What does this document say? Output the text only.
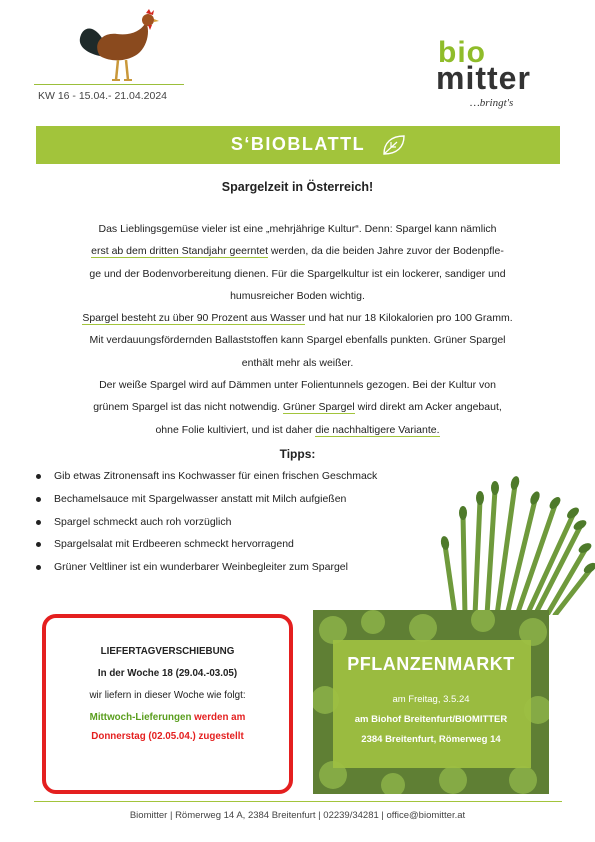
KW 16 - 15.04.- 21.04.2024
bio
mitter
…bringt's
S‘BIOBLATTL
Spargelzeit in Österreich!
Das Lieblingsgemüse vieler ist eine „mehrjährige Kultur“. Denn: Spargel kann nämlich
erst ab dem dritten Standjahr geerntet werden, da die beiden Jahre zuvor der Bodenpfle-
ge und der Bodenvorbereitung dienen. Für die Spargelkultur ist ein lockerer, sandiger und
humusreicher Boden wichtig.
Spargel besteht zu über 90 Prozent aus Wasser und hat nur 18 Kilokalorien pro 100 Gramm.
Mit verdauungsfördernden Ballaststoffen kann Spargel ebenfalls punkten. Grüner Spargel
enthält mehr als weißer.
Der weiße Spargel wird auf Dämmen unter Folientunnels gezogen. Bei der Kultur von
grünem Spargel ist das nicht notwendig. Grüner Spargel wird direkt am Acker angebaut,
ohne Folie kultiviert, und ist daher die nachhaltigere Variante.
Tipps:
Gib etwas Zitronensaft ins Kochwasser für einen frischen Geschmack
Bechamelsauce mit Spargelwasser anstatt mit Milch aufgießen
Spargel schmeckt auch roh vorzüglich
Spargelsalat mit Erdbeeren schmeckt hervorragend
Grüner Veltliner ist ein wunderbarer Weinbegleiter zum Spargel
LIEFERTAGVERSCHIEBUNG
In der Woche 18 (29.04.-03.05)
wir liefern in dieser Woche wie folgt:
Mittwoch-Lieferungen werden am
Donnerstag (02.05.04.) zugestellt
PFLANZENMARKT
am Freitag, 3.5.24
am Biohof Breitenfurt/BIOMITTER
2384 Breitenfurt, Römerweg 14
Biomitter | Römerweg 14 A, 2384 Breitenfurt | 02239/34281 | office@biomitter.at
